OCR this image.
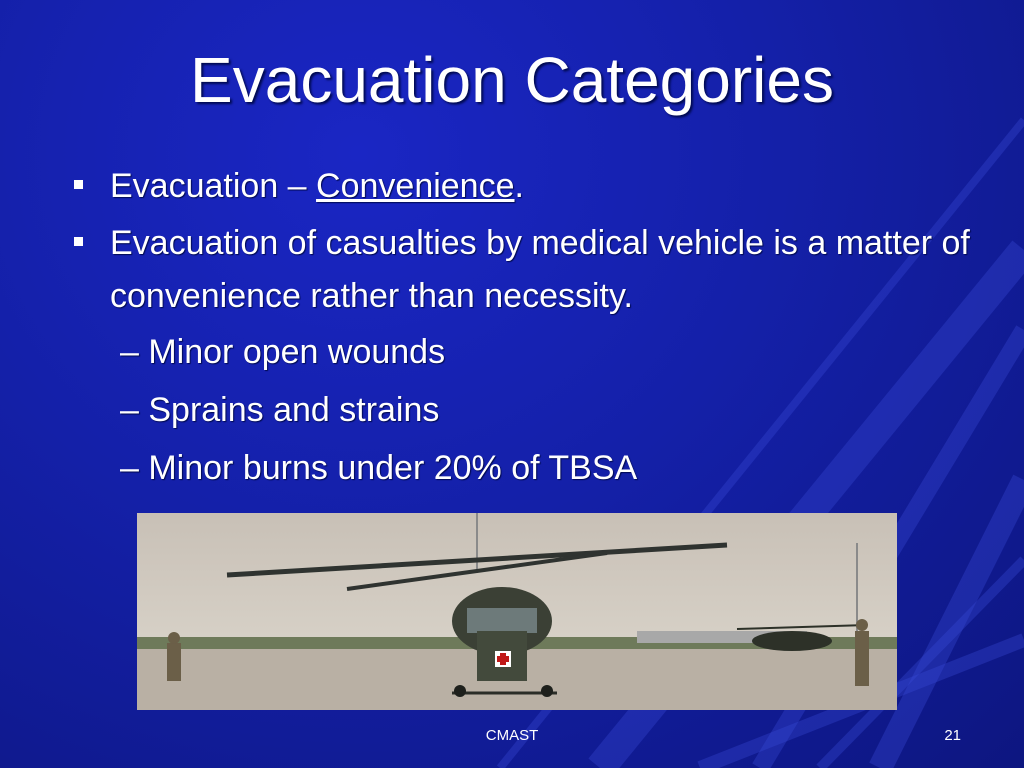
Evacuation Categories
Evacuation – Convenience.
Evacuation of casualties by medical vehicle is a matter of convenience rather than necessity.
– Minor open wounds
– Sprains and strains
– Minor burns under 20% of TBSA
CMAST	21
